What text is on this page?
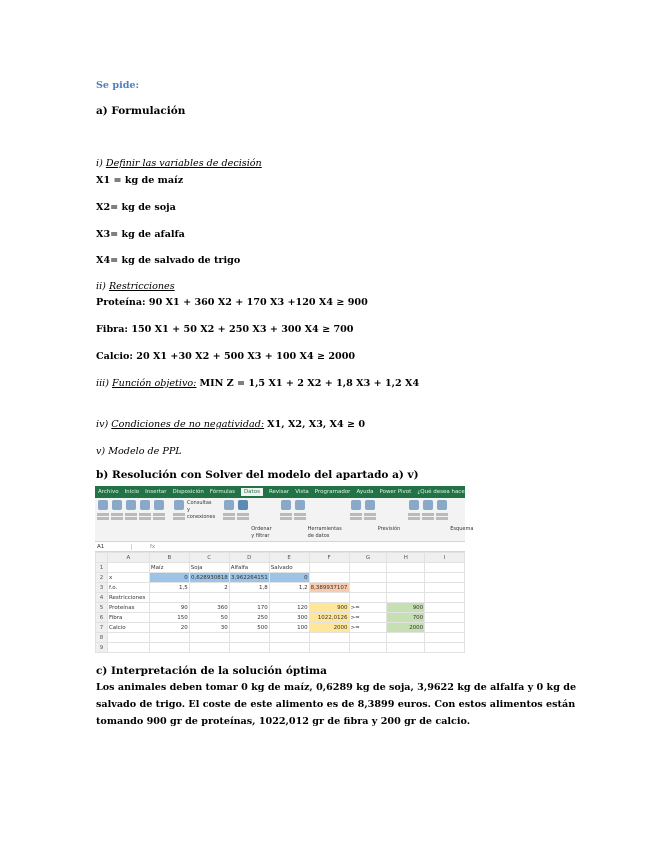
Se pide:
a) Formulación
i) Definir las variables de decisión
X1 = kg de maíz
X2= kg de soja
X3= kg de afalfa
X4= kg de salvado de trigo
ii) Restricciones
Proteína: 90 X1 + 360 X2 + 170 X3 +120 X4 ≥ 900
Fibra: 150 X1 + 50 X2 + 250 X3 + 300 X4 ≥ 700
Calcio: 20 X1 +30 X2 + 500 X3 + 100 X4 ≥ 2000
iii) Función objetivo: MIN Z = 1,5 X1 + 2 X2 + 1,8 X3 + 1,2 X4
iv) Condiciones de no negatividad: X1, X2, X3, X4 ≥ 0
v) Modelo de PPL
b) Resolución con Solver del modelo del apartado a) v)
c) Interpretación de la solución óptima
Los animales deben tomar 0 kg de maíz, 0,6289 kg de soja, 3,9622 kg de alfalfa y 0 kg de
salvado de trigo. El coste de este alimento es de 8,3899 euros. Con estos alimentos están
tomando 900 gr de proteínas, 1022,012 gr de fibra y 200 gr de calcio.
Archivo Inicio Insertar Disposición Fórmulas	Datos	Revisar Vista Programador Ayuda Power Pivot ¿Qué desea hacer?
Consultas y conexiones
Ordenar y filtrar
Herramientas de datos
Previsión	Esquema
A1	fx
	A	B	C	D	E	F	G	H	I
1		Maíz	Soja	Alfalfa	Salvado				
2	x	0	0,628930818	3,962264151	0				
3	f.o.	1,5	2	1,8	1,2	8,389937107			
4	Restricciones								
5	Proteínas	90	360	170	120	900	>=	900	
6	Fibra	150	50	250	300	1022,0126	>=	700	
7	Calcio	20	30	500	100	2000	>=	2000	
8									
9									
